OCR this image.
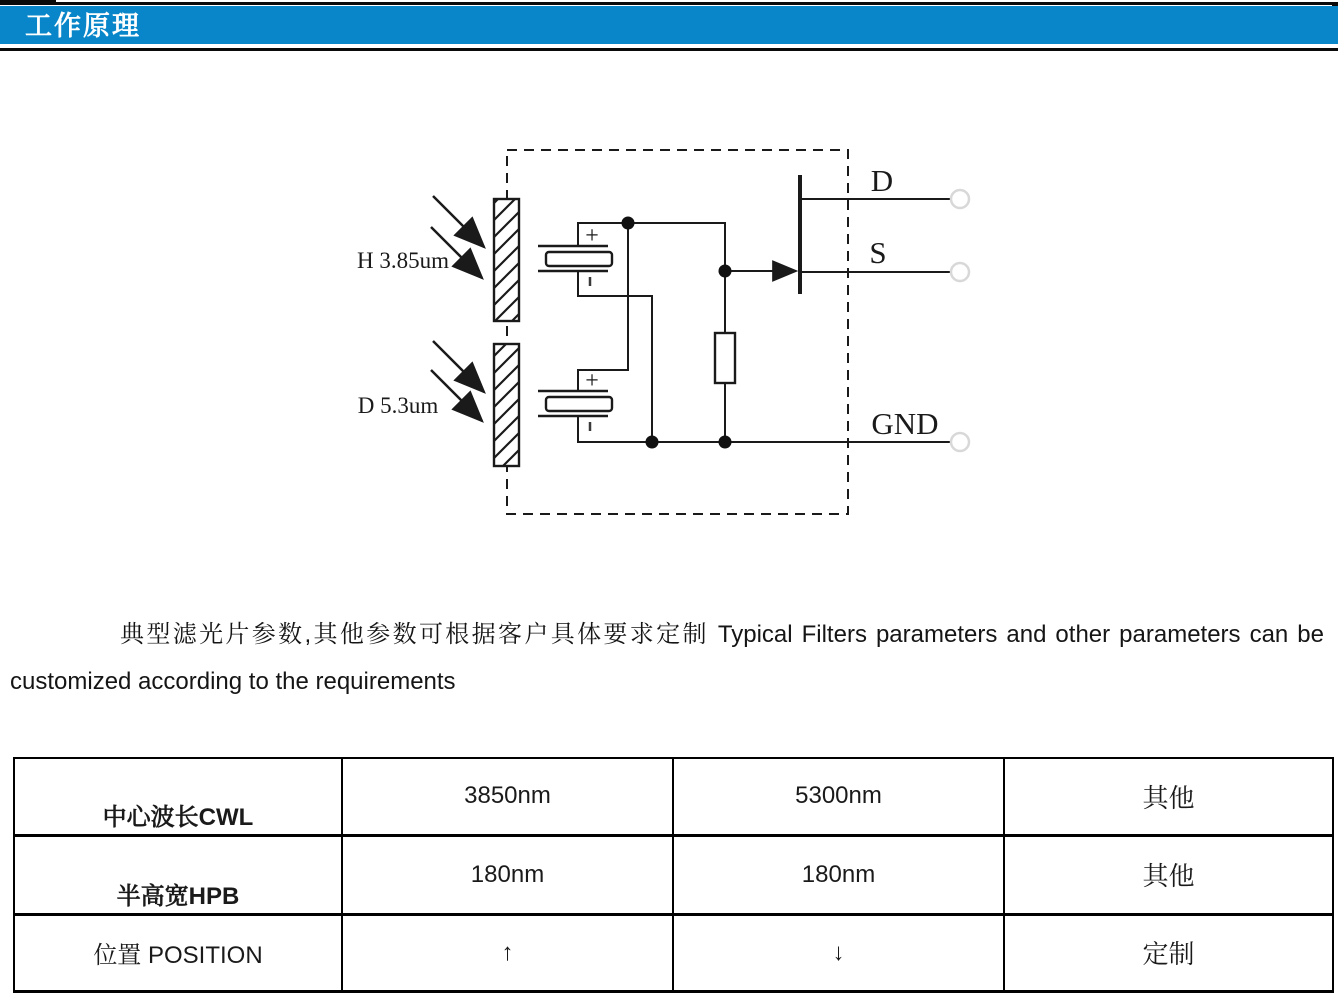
工作原理
H 3.85um
D 5.3um
+
+
D
S
GND

典型滤光片参数,其他参数可根据客户具体要求定制 Typical Filters parameters and other parameters can be customized according to the requirements

中心波长CWL	3850nm	5300nm	其他
半高宽HPB	180nm	180nm	其他
位置 POSITION	↑	↓	定制
